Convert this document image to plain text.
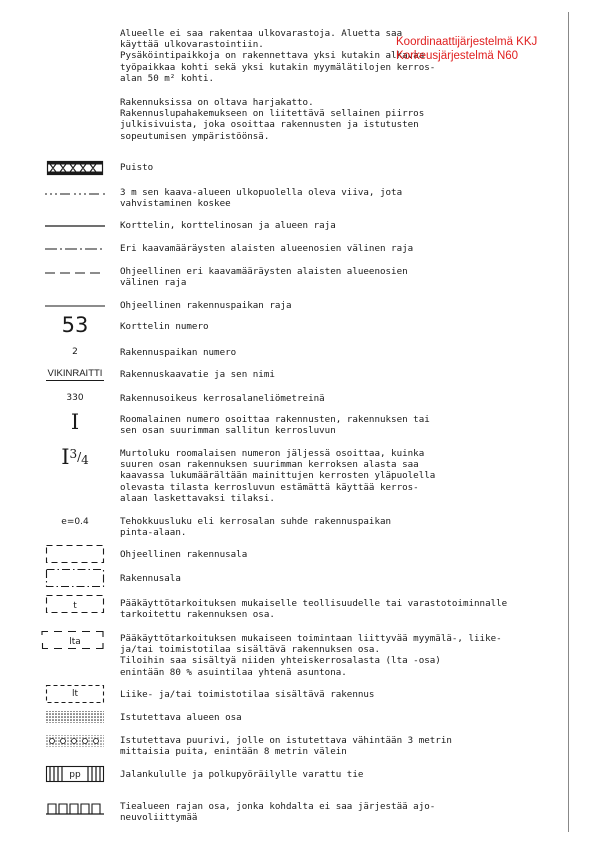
Alueelle ei saa rakentaa ulkovarastoja. Aluetta saa
käyttää ulkovarastointiin.
Pysäköintipaikkoja on rakennettava yksi kutakin alkavaa
työpaikkaa kohti sekä yksi kutakin myymälätilojen kerros-
alan 50 m² kohti.
Rakennuksissa on oltava harjakatto.
Rakennuslupahakemukseen on liitettävä sellainen piirros
julkisivuista, joka osoittaa rakennusten ja istutusten
sopeutumisen ympäristöönsä.
Koordinaattijärjestelmä KKJ
Korkeusjärjestelmä N60
Puisto
3 m sen kaava-alueen ulkopuolella oleva viiva, jota
vahvistaminen koskee
Korttelin, korttelinosan ja alueen raja
Eri kaavamääräysten alaisten alueenosien välinen raja
Ohjeellinen eri kaavamääräysten alaisten alueenosien
välinen raja
Ohjeellinen rakennuspaikan raja
53	Korttelin numero
2	Rakennuspaikan numero
VIKINRAITTI Rakennuskaavatie ja sen nimi
330	Rakennusoikeus kerrosalaneliömetreinä
I	Roomalainen numero osoittaa rakennusten, rakennuksen tai
sen osan suurimman sallitun kerrosluvun
I 3 / 4	Murtoluku roomalaisen numeron jäljessä osoittaa, kuinka
suuren osan rakennuksen suurimman kerroksen alasta saa
kaavassa lukumäärältään mainittujen kerrosten yläpuolella
olevasta tilasta kerrosluvun estämättä käyttää kerros-
alaan laskettavaksi tilaksi.
e=0.4	Tehokkuusluku eli kerrosalan suhde rakennuspaikan
pinta-alaan.
Ohjeellinen rakennusala
Rakennusala
t	Pääkäyttötarkoituksen mukaiselle teollisuudelle tai varastotoiminnalle
tarkoitettu rakennuksen osa.
lta	Pääkäyttötarkoituksen mukaiseen toimintaan liittyvää myymälä-, liike-
ja/tai toimistotilaa sisältävä rakennuksen osa.
Tiloihin saa sisältyä niiden yhteiskerrosalasta (lta -osa)
enintään 80 % asuintilaa yhtenä asuntona.
lt	Liike- ja/tai toimistotilaa sisältävä rakennus
Istutettava alueen osa
Istutettava puurivi, jolle on istutettava vähintään 3 metrin
mittaisia puita, enintään 8 metrin välein
pp	Jalankululle ja polkupyöräilylle varattu tie
Tiealueen rajan osa, jonka kohdalta ei saa järjestää ajo-
neuvoliittymää
